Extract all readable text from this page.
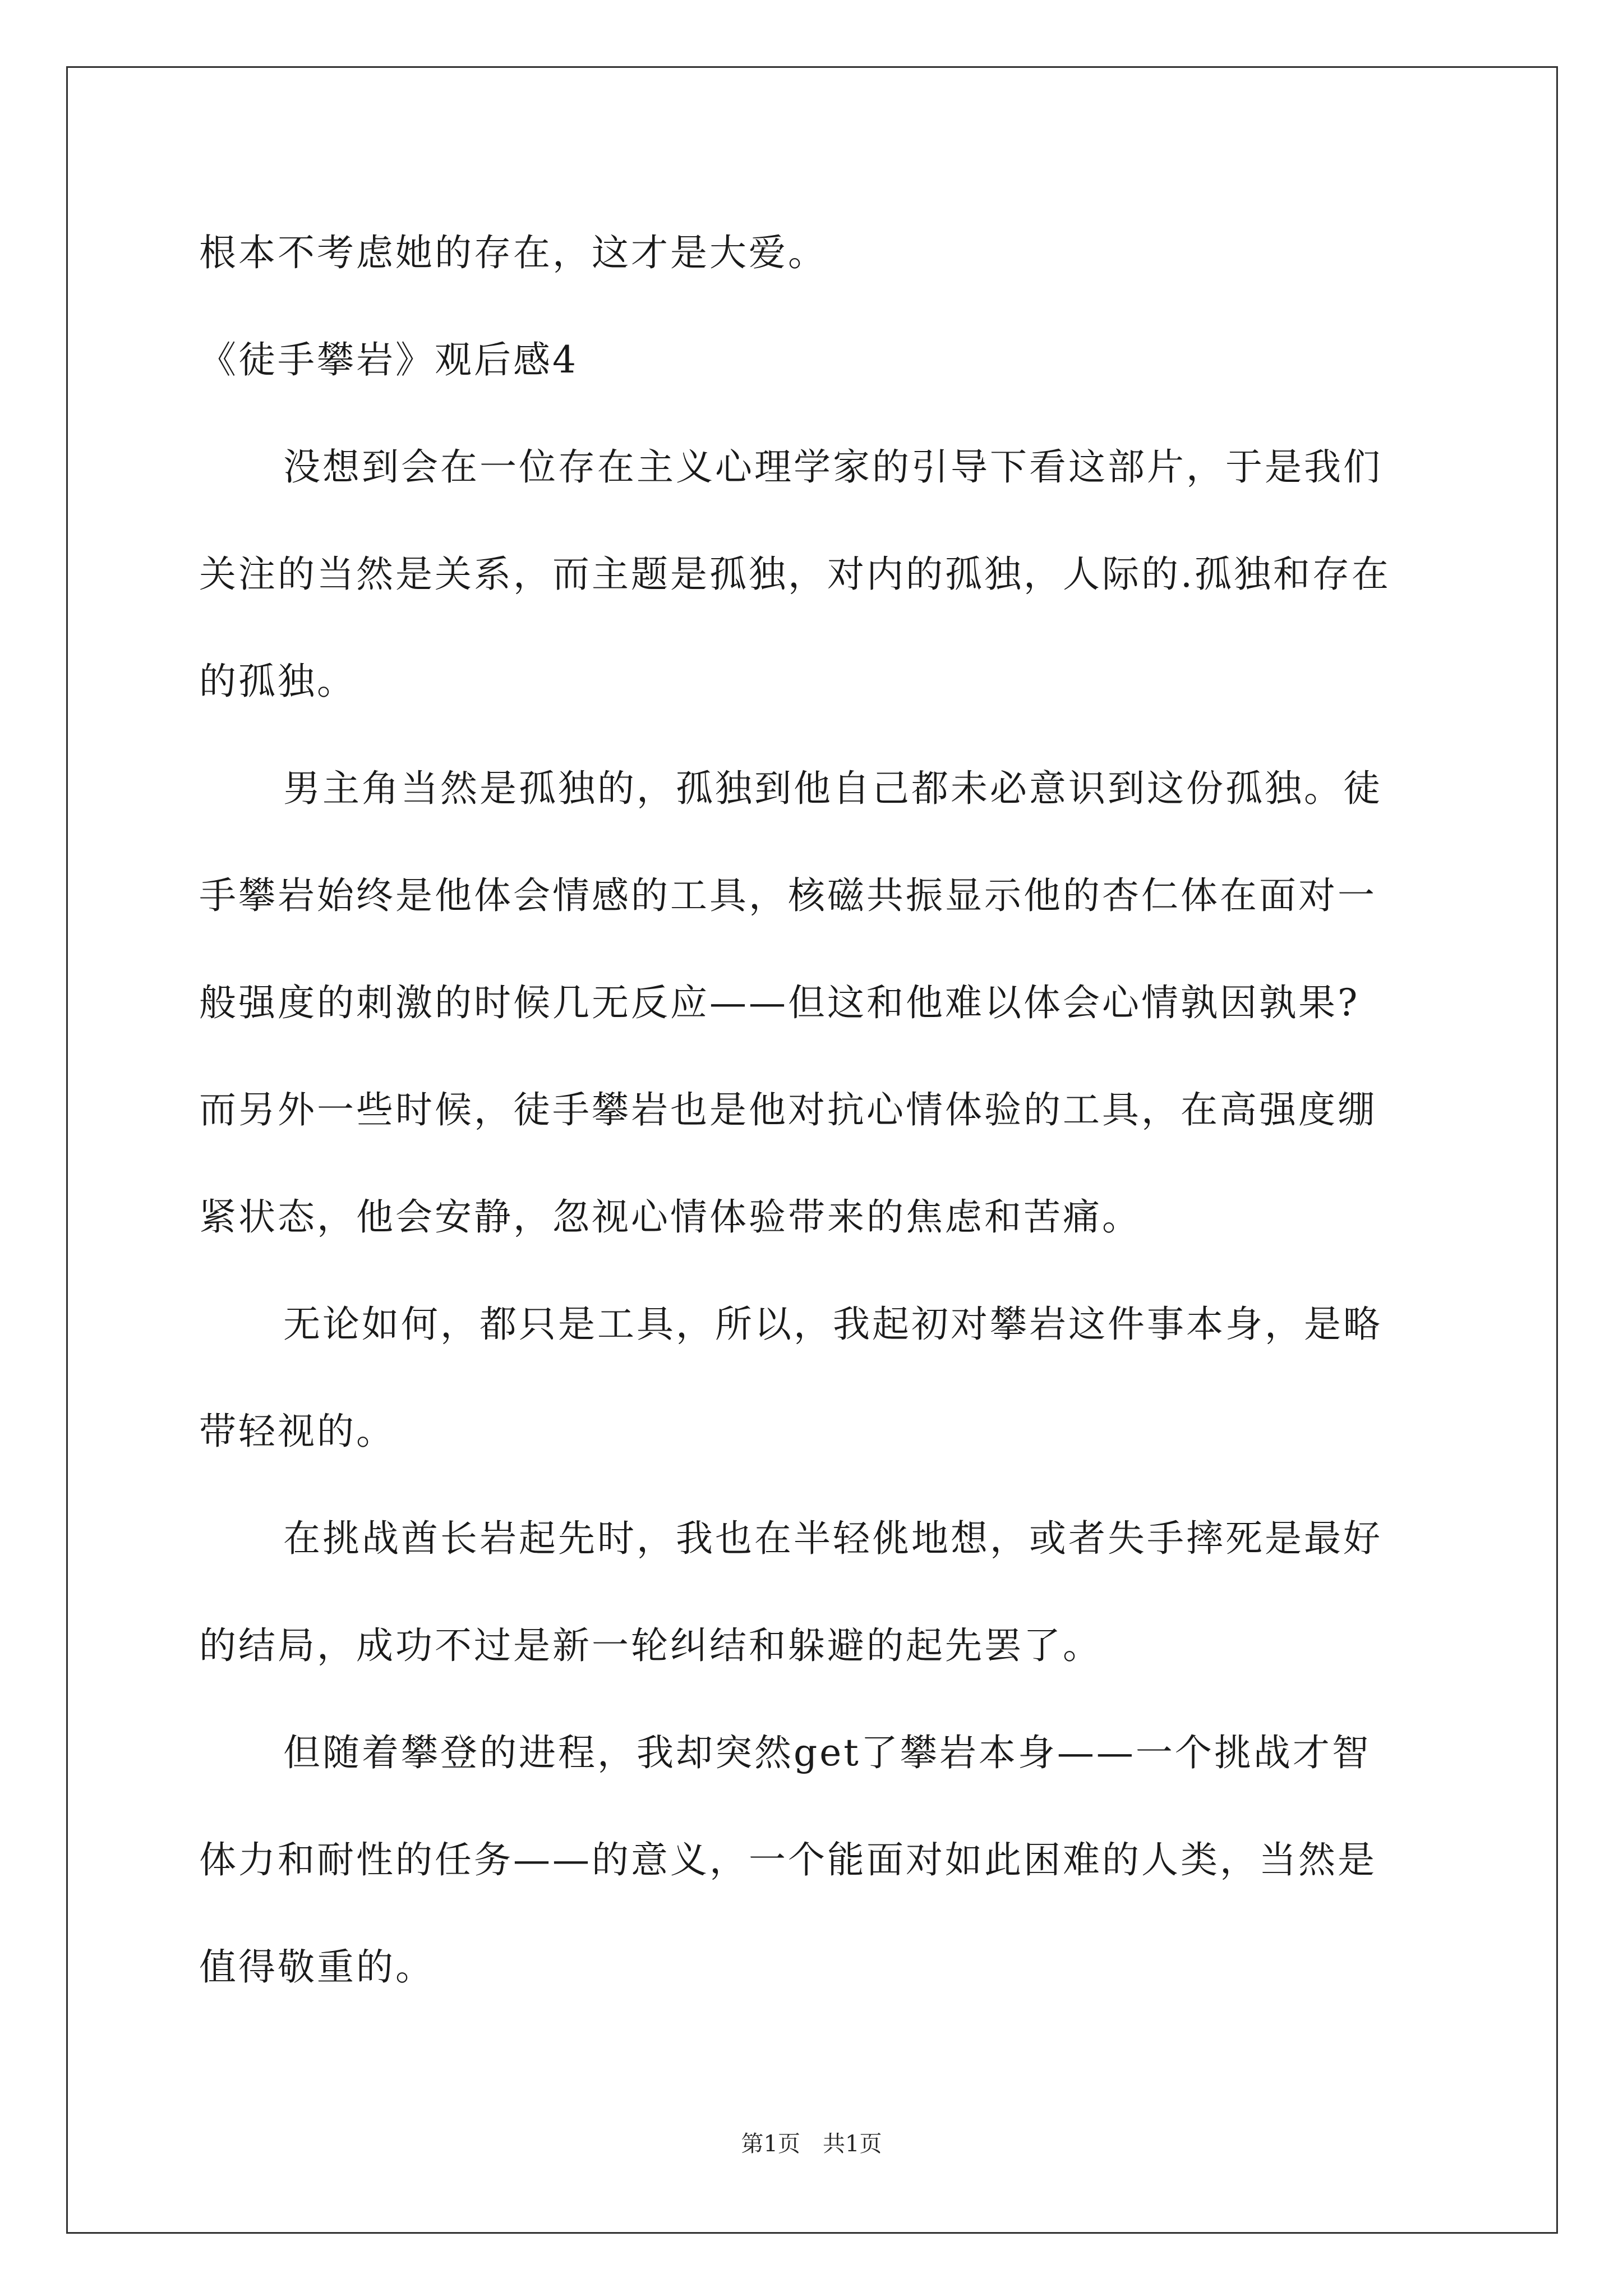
根本不考虑她的存在，这才是大爱。
《徒手攀岩》观后感4
没想到会在一位存在主义心理学家的引导下看这部片，于是我们
关注的当然是关系，而主题是孤独，对内的孤独，人际的.孤独和存在
的孤独。
男主角当然是孤独的，孤独到他自己都未必意识到这份孤独。徒
手攀岩始终是他体会情感的工具，核磁共振显示他的杏仁体在面对一
般强度的刺激的时候几无反应——但这和他难以体会心情孰因孰果?
而另外一些时候，徒手攀岩也是他对抗心情体验的工具，在高强度绷
紧状态，他会安静，忽视心情体验带来的焦虑和苦痛。
无论如何，都只是工具，所以，我起初对攀岩这件事本身，是略
带轻视的。
在挑战酋长岩起先时，我也在半轻佻地想，或者失手摔死是最好
的结局，成功不过是新一轮纠结和躲避的起先罢了。
但随着攀登的进程，我却突然get了攀岩本身——一个挑战才智
体力和耐性的任务——的意义，一个能面对如此困难的人类，当然是
值得敬重的。
第1页　共1页
